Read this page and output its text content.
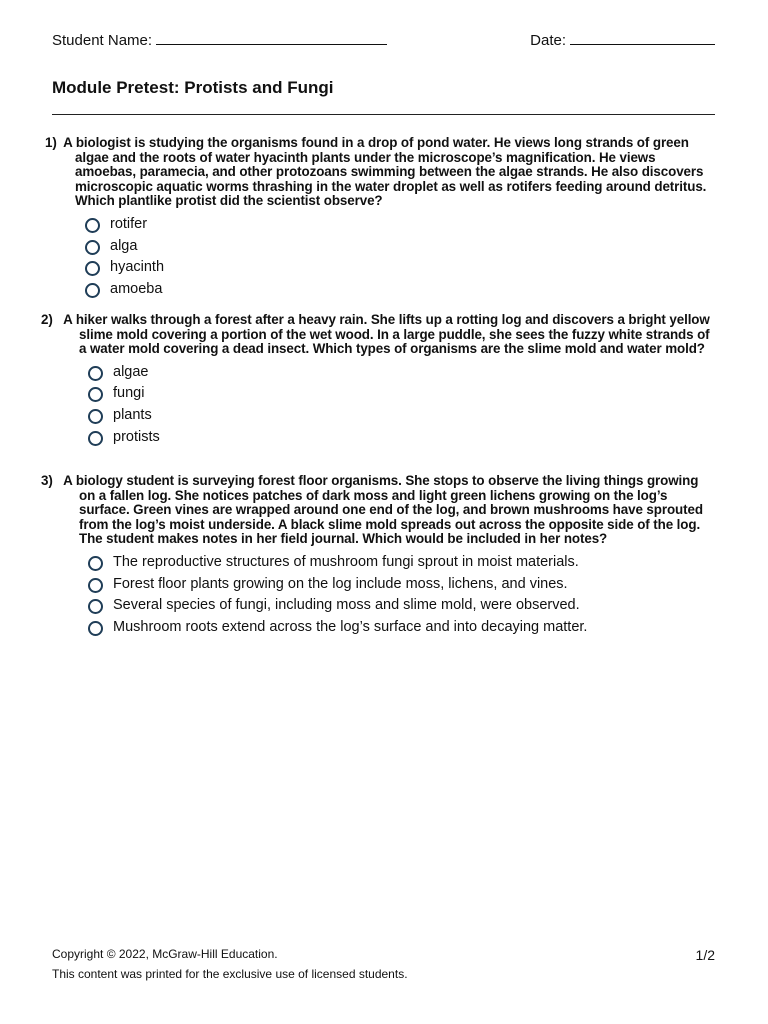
Student Name:	Date:
Module Pretest: Protists and Fungi

1) A biologist is studying the organisms found in a drop of pond water. He views long strands of green algae and the roots of water hyacinth plants under the microscope’s magnification. He views amoebas, paramecia, and other protozoans swimming between the algae strands. He also discovers microscopic aquatic worms thrashing in the water droplet as well as rotifers feeding around detritus. Which plantlike protist did the scientist observe?

rotifer
alga
hyacinth
amoeba

2) A hiker walks through a forest after a heavy rain. She lifts up a rotting log and discovers a bright yellow slime mold covering a portion of the wet wood. In a large puddle, she sees the fuzzy white strands of a water mold covering a dead insect. Which types of organisms are the slime mold and water mold?

algae
fungi
plants
protists

3) A biology student is surveying forest floor organisms. She stops to observe the living things growing on a fallen log. She notices patches of dark moss and light green lichens growing on the log’s surface. Green vines are wrapped around one end of the log, and brown mushrooms have sprouted from the log’s moist underside. A black slime mold spreads out across the opposite side of the log. The student makes notes in her field journal. Which would be included in her notes?

The reproductive structures of mushroom fungi sprout in moist materials.
Forest floor plants growing on the log include moss, lichens, and vines.
Several species of fungi, including moss and slime mold, were observed.
Mushroom roots extend across the log’s surface and into decaying matter.
Copyright © 2022, McGraw-Hill Education.
This content was printed for the exclusive use of licensed students.
1/2
